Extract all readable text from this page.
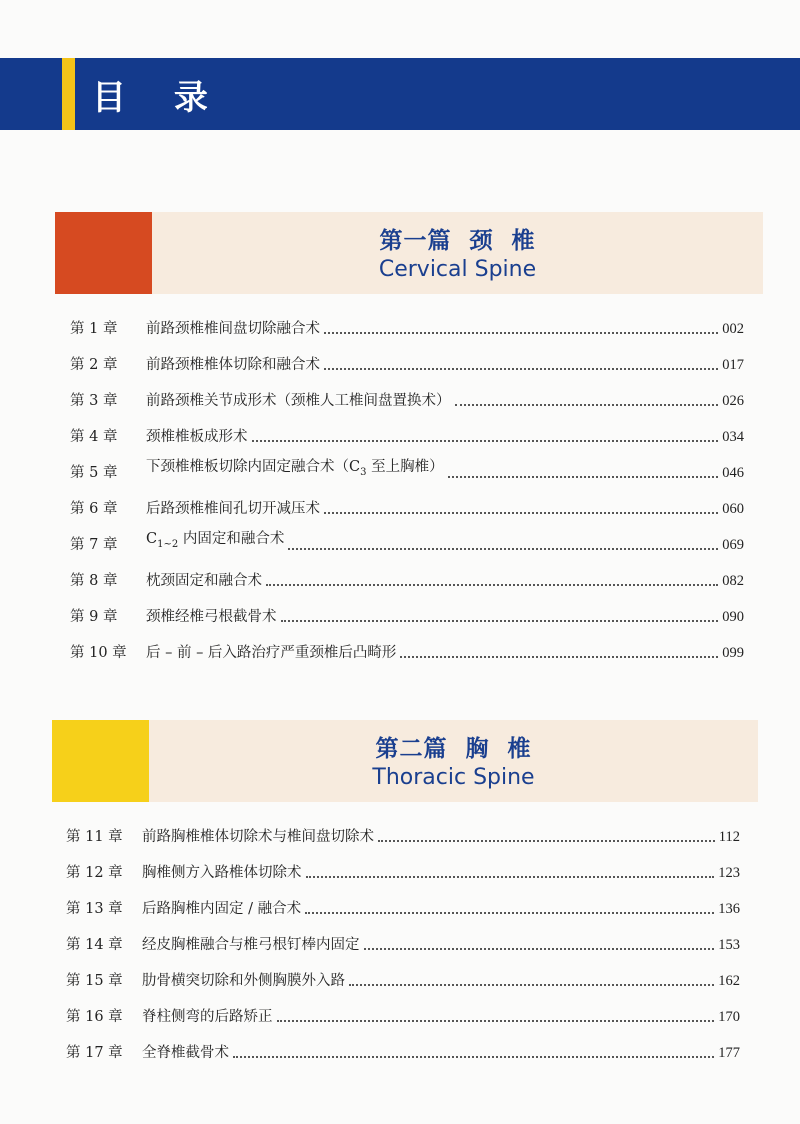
目 录
第一篇  颈  椎
Cervical Spine
第 1 章	前路颈椎椎间盘切除融合术	002
第 2 章	前路颈椎椎体切除和融合术	017
第 3 章	前路颈椎关节成形术（颈椎人工椎间盘置换术）	026
第 4 章	颈椎椎板成形术	034
第 5 章	下颈椎椎板切除内固定融合术（$C_3$ 至上胸椎）	046
第 6 章	后路颈椎椎间孔切开减压术	060
第 7 章	$C_{1\sim 2}$ 内固定和融合术	069
第 8 章	枕颈固定和融合术	082
第 9 章	颈椎经椎弓根截骨术	090
第 10 章	后 – 前 – 后入路治疗严重颈椎后凸畸形	099
第二篇  胸  椎
Thoracic Spine
第 11 章	前路胸椎椎体切除术与椎间盘切除术	112
第 12 章	胸椎侧方入路椎体切除术	123
第 13 章	后路胸椎内固定 / 融合术	136
第 14 章	经皮胸椎融合与椎弓根钉棒内固定	153
第 15 章	肋骨横突切除和外侧胸膜外入路	162
第 16 章	脊柱侧弯的后路矫正	170
第 17 章	全脊椎截骨术	177
